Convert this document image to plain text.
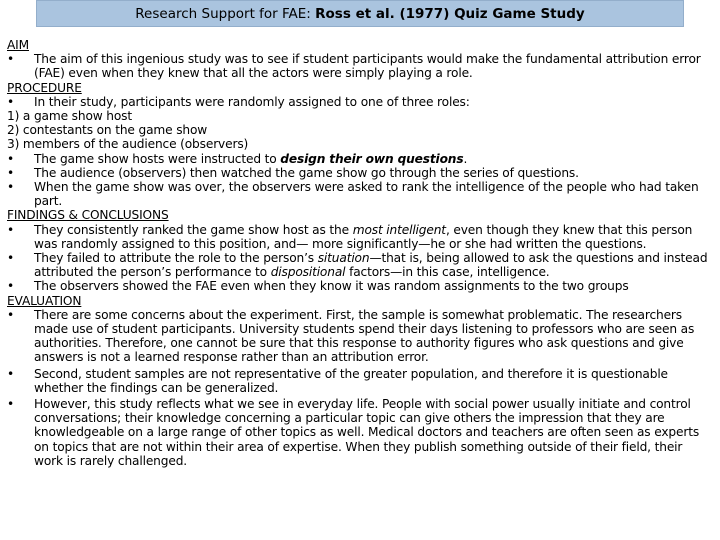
Research Support for FAE: Ross et al. (1977) Quiz Game Study
AIM
• The aim of this ingenious study was to see if student participants would make the fundamental attribution error (FAE) even when they knew that all the actors were simply playing a role.
PROCEDURE
• In their study, participants were randomly assigned to one of three roles:
1) a game show host
2) contestants on the game show
3) members of the audience (observers)
• The game show hosts were instructed to design their own questions.
• The audience (observers) then watched the game show go through the series of questions.
• When the game show was over, the observers were asked to rank the intelligence of the people who had taken part.
FINDINGS & CONCLUSIONS
• They consistently ranked the game show host as the most intelligent, even though they knew that this person was randomly assigned to this position, and— more significantly—he or she had written the questions.
• They failed to attribute the role to the person’s situation—that is, being allowed to ask the questions and instead attributed the person’s performance to dispositional factors—in this case, intelligence.
• The observers showed the FAE even when they know it was random assignments to the two groups
EVALUATION
• There are some concerns about the experiment. First, the sample is somewhat problematic. The researchers made use of student participants. University students spend their days listening to professors who are seen as authorities. Therefore, one cannot be sure that this response to authority figures who ask questions and give answers is not a learned response rather than an attribution error.
• Second, student samples are not representative of the greater population, and therefore it is questionable whether the findings can be generalized.
• However, this study reflects what we see in everyday life. People with social power usually initiate and control conversations; their knowledge concerning a particular topic can give others the impression that they are knowledgeable on a large range of other topics as well. Medical doctors and teachers are often seen as experts on topics that are not within their area of expertise. When they publish something outside of their field, their work is rarely challenged.
